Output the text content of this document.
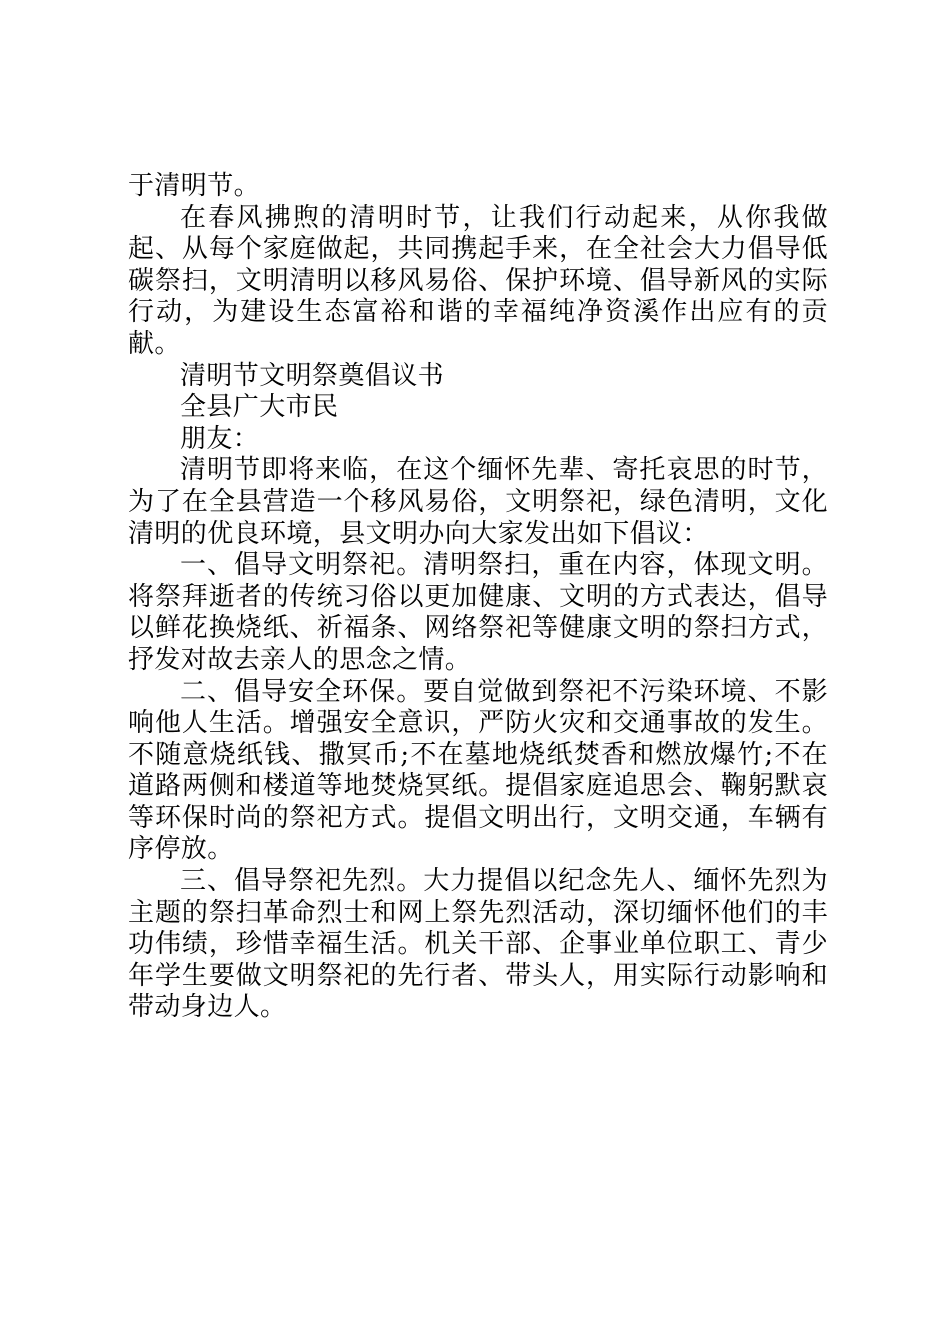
于清明节。

在春风拂煦的清明时节，让我们行动起来，从你我做起、从每个家庭做起，共同携起手来，在全社会大力倡导低碳祭扫，文明清明以移风易俗、保护环境、倡导新风的实际行动，为建设生态富裕和谐的幸福纯净资溪作出应有的贡献。

清明节文明祭奠倡议书

全县广大市民

朋友：

清明节即将来临，在这个缅怀先辈、寄托哀思的时节，为了在全县营造一个移风易俗，文明祭祀，绿色清明，文化清明的优良环境，县文明办向大家发出如下倡议：

一、倡导文明祭祀。清明祭扫，重在内容，体现文明。将祭拜逝者的传统习俗以更加健康、文明的方式表达，倡导以鲜花换烧纸、祈福条、网络祭祀等健康文明的祭扫方式，抒发对故去亲人的思念之情。

二、倡导安全环保。要自觉做到祭祀不污染环境、不影响他人生活。增强安全意识，严防火灾和交通事故的发生。不随意烧纸钱、撒冥币;不在墓地烧纸焚香和燃放爆竹;不在道路两侧和楼道等地焚烧冥纸。提倡家庭追思会、鞠躬默哀等环保时尚的祭祀方式。提倡文明出行，文明交通，车辆有序停放。

三、倡导祭祀先烈。大力提倡以纪念先人、缅怀先烈为主题的祭扫革命烈士和网上祭先烈活动，深切缅怀他们的丰功伟绩，珍惜幸福生活。机关干部、企事业单位职工、青少年学生要做文明祭祀的先行者、带头人，用实际行动影响和带动身边人。
